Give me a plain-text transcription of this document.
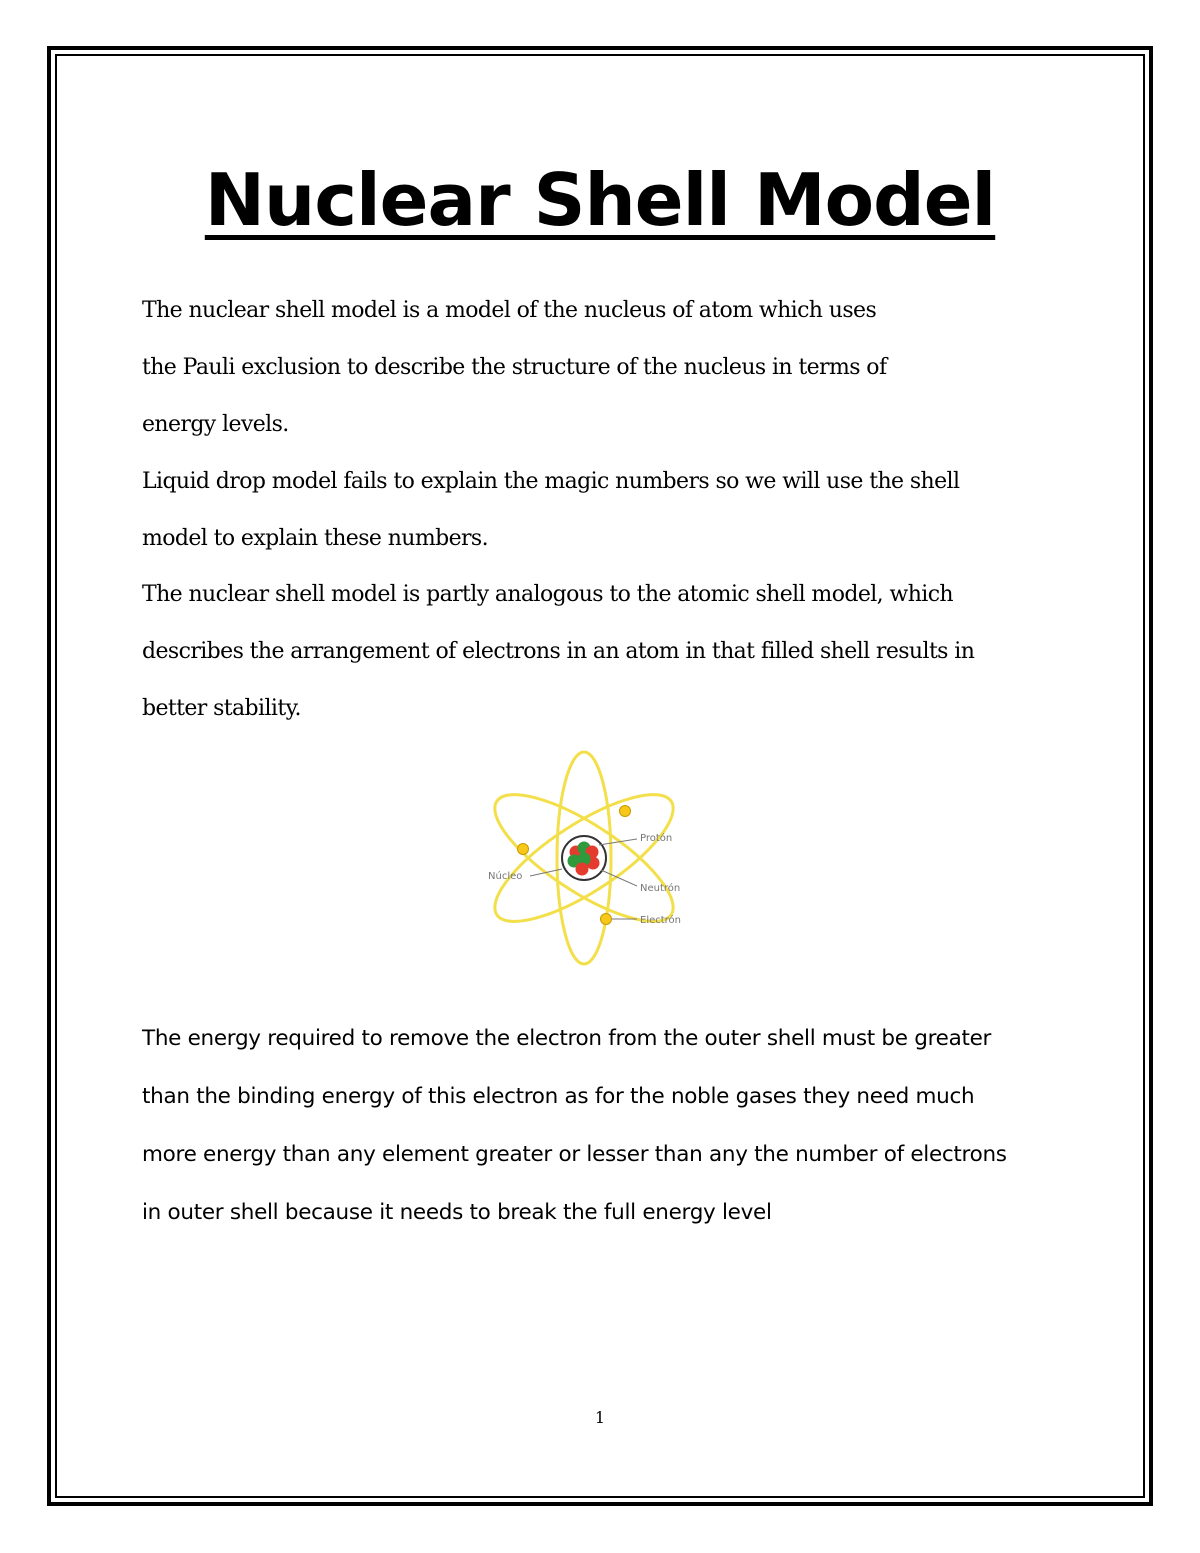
Nuclear Shell Model

The nuclear shell model is a model of the nucleus of atom which uses
the Pauli exclusion to describe the structure of the nucleus in terms of
energy levels.

Liquid drop model fails to explain the magic numbers so we will use the shell
model to explain these numbers.

The nuclear shell model is partly analogous to the atomic shell model, which
describes the arrangement of electrons in an atom in that filled shell results in
better stability.

Núcleo
Protón
Neutrón
Electrón

The energy required to remove the electron from the outer shell must be greater
than the binding energy of this electron as for the noble gases they need much
more energy than any element greater or lesser than any the number of electrons
in outer shell because it needs to break the full energy level

1
